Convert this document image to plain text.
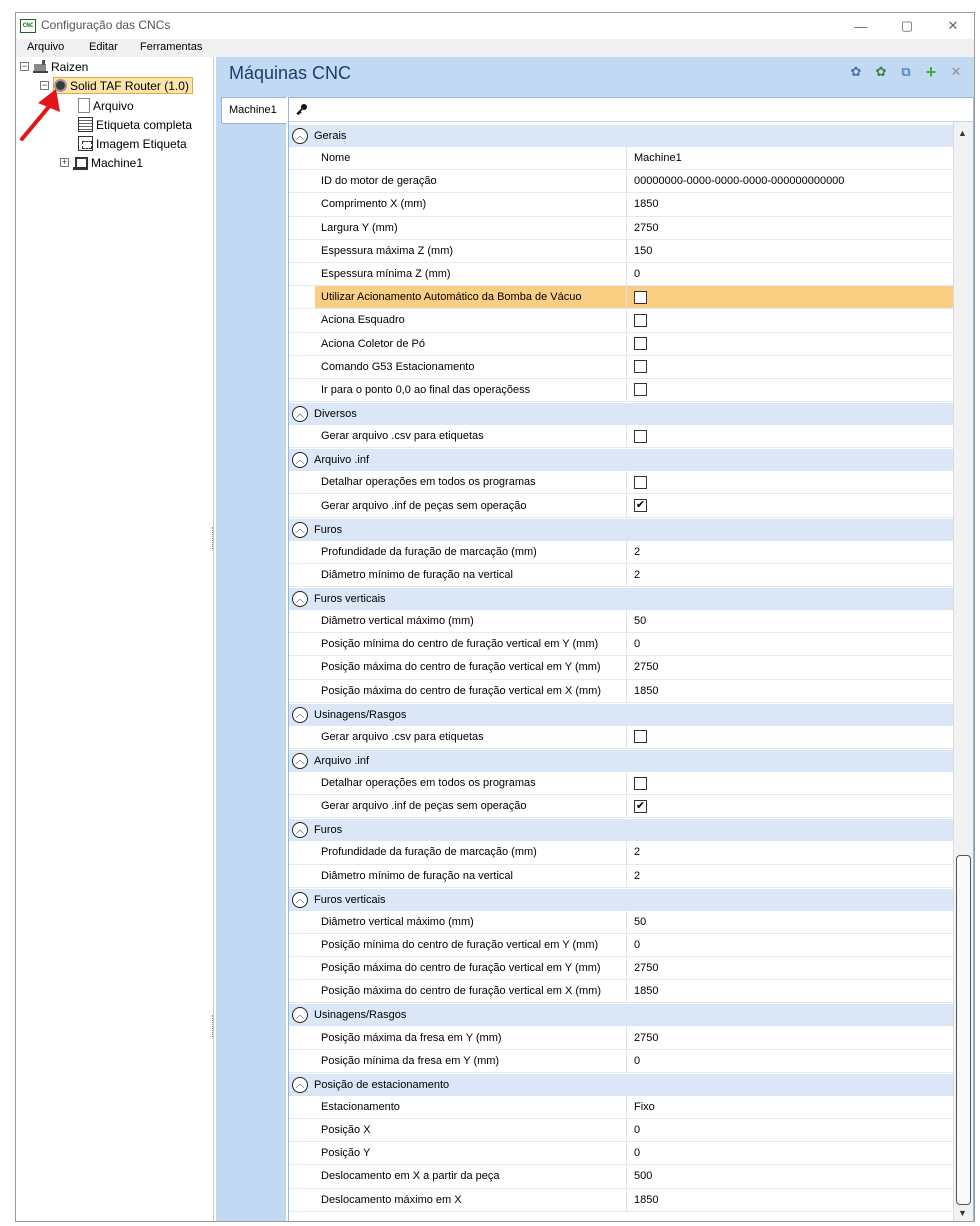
CNC Configuração das CNCs	—	▢	✕
Arquivo Editar Ferramentas
− Raizen
− Solid TAF Router (1.0)
Arquivo
Etiqueta completa
Imagem Etiqueta
+ Machine1
Máquinas CNC	✿ ✿ ⧉ + ✕
Machine1
︿ Gerais
Nome	Machine1
ID do motor de geração	00000000-0000-0000-0000-000000000000
Comprimento X (mm)	1850
Largura Y (mm)	2750
Espessura máxima Z (mm)	150
Espessura mínima Z (mm)	0
Utilizar Acionamento Automático da Bomba de Vácuo
Aciona Esquadro
Aciona Coletor de Pó
Comando G53 Estacionamento
Ir para o ponto 0,0 ao final das operaçõess
︿ Diversos
Gerar arquivo .csv para etiquetas
︿ Arquivo .inf
Detalhar operações em todos os programas
Gerar arquivo .inf de peças sem operação	✔
︿ Furos
Profundidade da furação de marcação (mm)	2
Diâmetro mínimo de furação na vertical	2
︿ Furos verticais
Diâmetro vertical máximo (mm)	50
Posição mínima do centro de furação vertical em Y (mm)	0
Posição máxima do centro de furação vertical em Y (mm)	2750
Posição máxima do centro de furação vertical em X (mm)	1850
︿ Usinagens/Rasgos
Gerar arquivo .csv para etiquetas
︿ Arquivo .inf
Detalhar operações em todos os programas
Gerar arquivo .inf de peças sem operação	✔
︿ Furos
Profundidade da furação de marcação (mm)	2
Diâmetro mínimo de furação na vertical	2
︿ Furos verticais
Diâmetro vertical máximo (mm)	50
Posição mínima do centro de furação vertical em Y (mm)	0
Posição máxima do centro de furação vertical em Y (mm)	2750
Posição máxima do centro de furação vertical em X (mm)	1850
︿ Usinagens/Rasgos
Posição máxima da fresa em Y (mm)	2750
Posição mínima da fresa em Y (mm)	0
︿ Posição de estacionamento
Estacionamento	Fixo
Posição X	0
Posição Y	0
Deslocamento em X a partir da peça	500
Deslocamento máximo em X	1850
▲
▼
